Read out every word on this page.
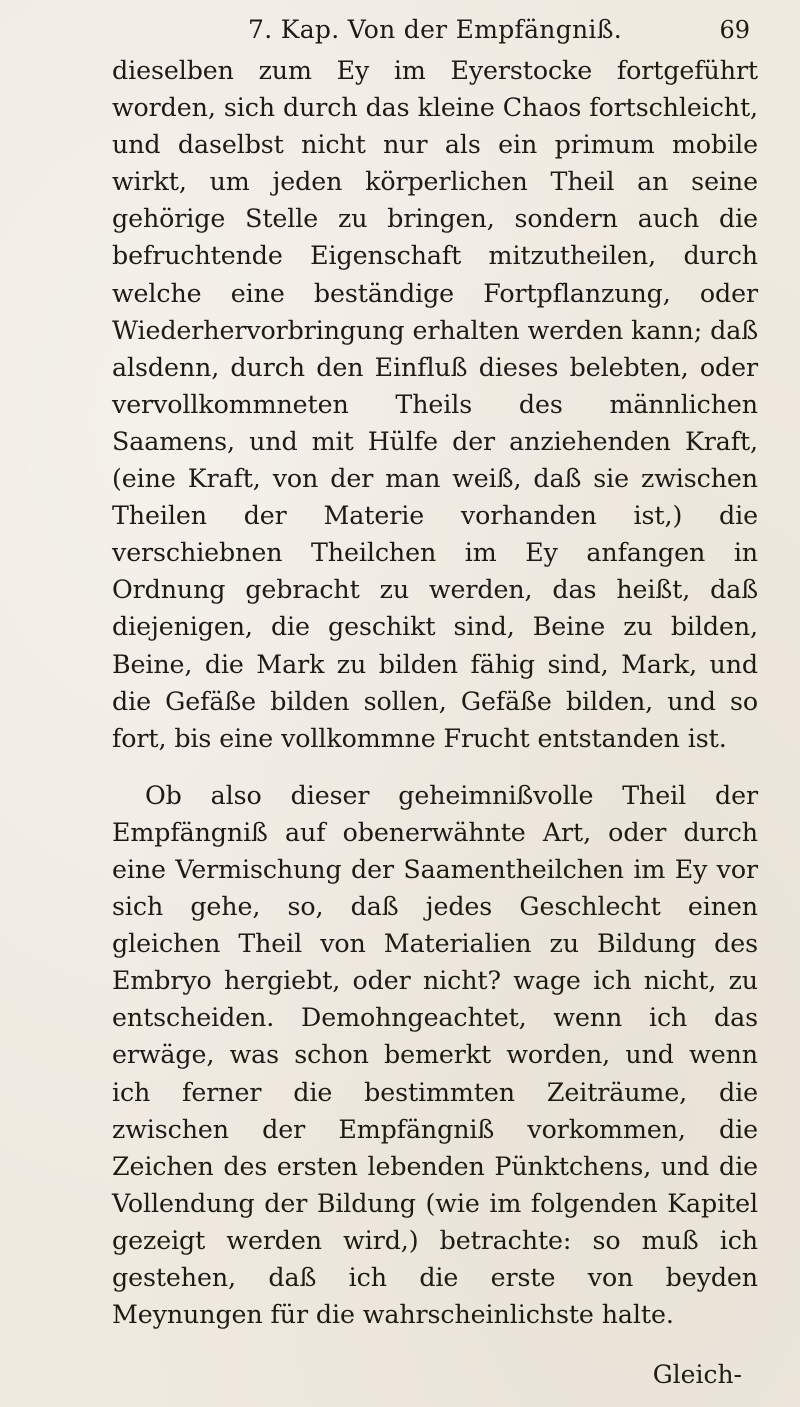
7. Kap. Von der Empfängniß.	69

dieselben zum Ey im Eyerstocke fortgeführt worden, sich durch das kleine Chaos fortschleicht, und daselbst nicht nur als ein primum mobile wirkt, um jeden körperlichen Theil an seine gehörige Stelle zu bringen, sondern auch die befruchtende Eigenschaft mitzutheilen, durch welche eine beständige Fortpflanzung, oder Wiederhervorbringung erhalten werden kann; daß alsdenn, durch den Einfluß dieses belebten, oder vervollkommneten Theils des männlichen Saamens, und mit Hülfe der anziehenden Kraft, (eine Kraft, von der man weiß, daß sie zwischen Theilen der Materie vorhanden ist,) die verschiebnen Theilchen im Ey anfangen in Ordnung gebracht zu werden, das heißt, daß diejenigen, die geschikt sind, Beine zu bilden, Beine, die Mark zu bilden fähig sind, Mark, und die Gefäße bilden sollen, Gefäße bilden, und so fort, bis eine vollkommne Frucht entstanden ist.

Ob also dieser geheimnißvolle Theil der Empfängniß auf obenerwähnte Art, oder durch eine Vermischung der Saamentheilchen im Ey vor sich gehe, so, daß jedes Geschlecht einen gleichen Theil von Materialien zu Bildung des Embryo hergiebt, oder nicht? wage ich nicht, zu entscheiden. Demohngeachtet, wenn ich das erwäge, was schon bemerkt worden, und wenn ich ferner die bestimmten Zeiträume, die zwischen der Empfängniß vorkommen, die Zeichen des ersten lebenden Pünktchens, und die Vollendung der Bildung (wie im folgenden Kapitel gezeigt werden wird,) betrachte: so muß ich gestehen, daß ich die erste von beyden Meynungen für die wahrscheinlichste halte.

Gleich-
